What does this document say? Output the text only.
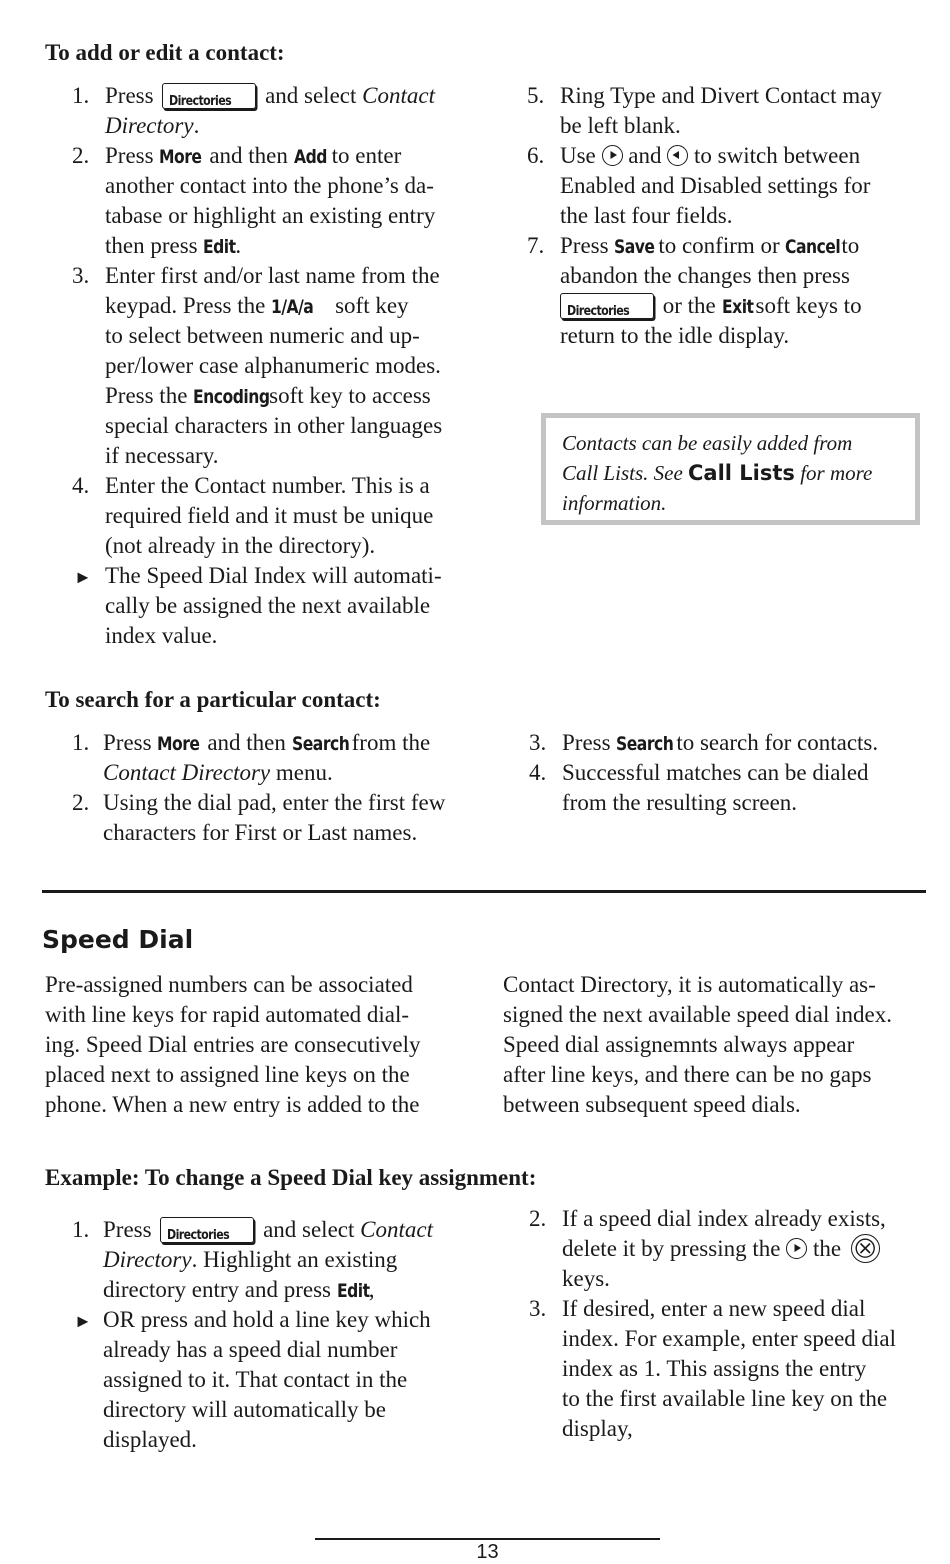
To add or edit a contact:
1. Press Directories and select Contact
Directory.
2. Press More and then Add to enter
another contact into the phone’s da-
tabase or highlight an existing entry
then press Edit.
3. Enter first and/or last name from the
keypad. Press the 1/A/a soft key
to select between numeric and up-
per/lower case alphanumeric modes.
Press the Encodingsoft key to access
special characters in other languages
if necessary.
4. Enter the Contact number. This is a
required field and it must be unique
(not already in the directory).
► The Speed Dial Index will automati-
cally be assigned the next available
index value.
5. Ring Type and Divert Contact may
be left blank.
6. Use and to switch between
Enabled and Disabled settings for
the last four fields.
7. Press Save to confirm or Cancelto
abandon the changes then press
Directories or the Exit soft keys to
return to the idle display.
Contacts can be easily added from
Call Lists. See Call Lists for more
information.
To search for a particular contact:
1. Press More and then Search from the
Contact Directory menu.
2. Using the dial pad, enter the first few
characters for First or Last names.
3. Press Search to search for contacts.
4. Successful matches can be dialed
from the resulting screen.
Speed Dial
Pre-assigned numbers can be associated
with line keys for rapid automated dial-
ing. Speed Dial entries are consecutively
placed next to assigned line keys on the
phone. When a new entry is added to the
Contact Directory, it is automatically as-
signed the next available speed dial index.
Speed dial assignemnts always appear
after line keys, and there can be no gaps
between subsequent speed dials.
Example: To change a Speed Dial key assignment:
1. Press Directories and select Contact
Directory. Highlight an existing
directory entry and press Edit,
► OR press and hold a line key which
already has a speed dial number
assigned to it. That contact in the
directory will automatically be
displayed.
2. If a speed dial index already exists,
delete it by pressing the the
keys.
3. If desired, enter a new speed dial
index. For example, enter speed dial
index as 1. This assigns the entry
to the first available line key on the
display,
13
